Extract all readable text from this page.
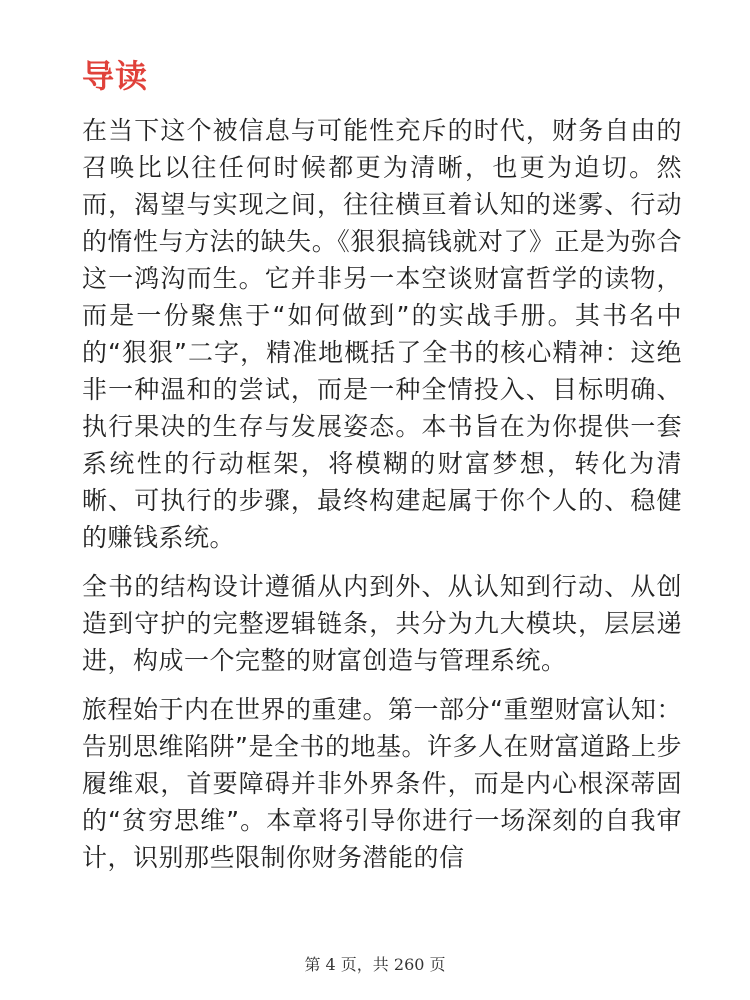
导读

在当下这个被信息与可能性充斥的时代，财务自由的召唤比以往任何时候都更为清晰，也更为迫切。然而，渴望与实现之间，往往横亘着认知的迷雾、行动的惰性与方法的缺失。《狠狠搞钱就对了》正是为弥合这一鸿沟而生。它并非另一本空谈财富哲学的读物，而是一份聚焦于“如何做到”的实战手册。其书名中的“狠狠”二字，精准地概括了全书的核心精神：这绝非一种温和的尝试，而是一种全情投入、目标明确、执行果决的生存与发展姿态。本书旨在为你提供一套系统性的行动框架，将模糊的财富梦想，转化为清晰、可执行的步骤，最终构建起属于你个人的、稳健的赚钱系统。

全书的结构设计遵循从内到外、从认知到行动、从创造到守护的完整逻辑链条，共分为九大模块，层层递进，构成一个完整的财富创造与管理系统。

旅程始于内在世界的重建。第一部分“重塑财富认知：告别思维陷阱”是全书的地基。许多人在财富道路上步履维艰，首要障碍并非外界条件，而是内心根深蒂固的“贫穷思维”。本章将引导你进行一场深刻的自我审计，识别那些限制你财务潜能的信

第 4 页，共 260 页
